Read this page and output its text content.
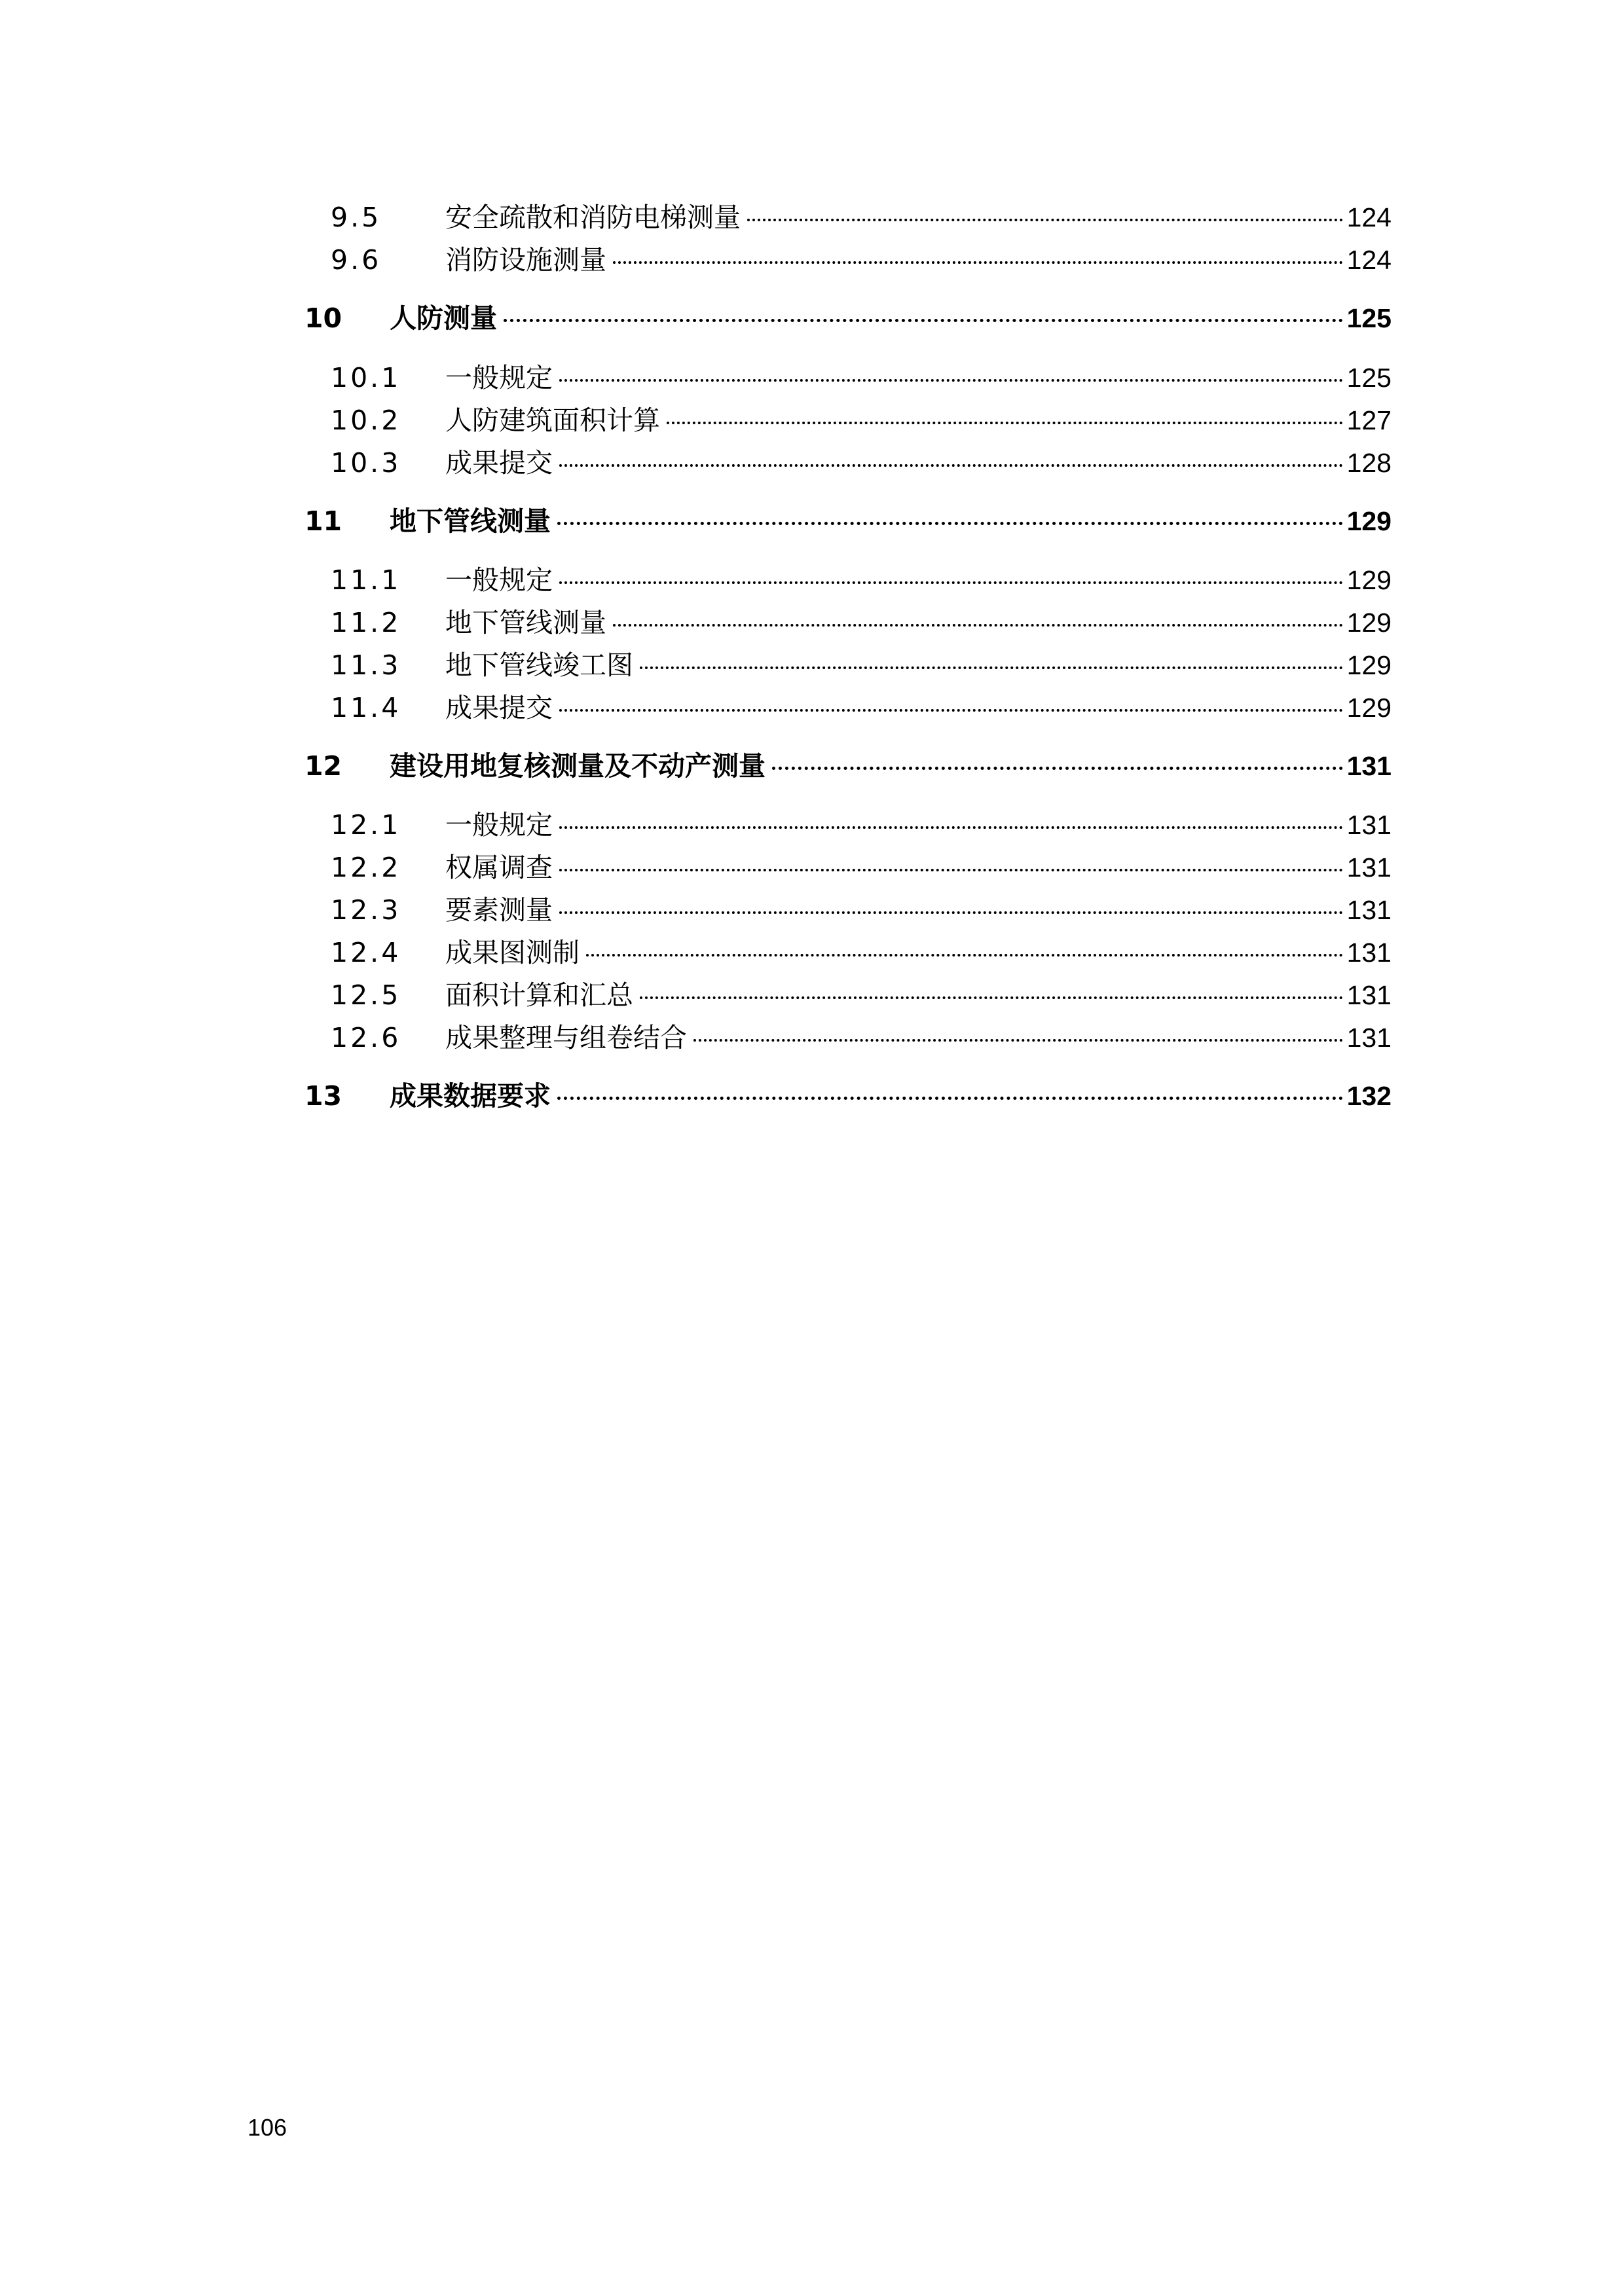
9.5	安全疏散和消防电梯测量	124
9.6	消防设施测量	124
10	人防测量	125
10.1	一般规定	125
10.2	人防建筑面积计算	127
10.3	成果提交	128
11	地下管线测量	129
11.1	一般规定	129
11.2	地下管线测量	129
11.3	地下管线竣工图	129
11.4	成果提交	129
12	建设用地复核测量及不动产测量	131
12.1	一般规定	131
12.2	权属调查	131
12.3	要素测量	131
12.4	成果图测制	131
12.5	面积计算和汇总	131
12.6	成果整理与组卷结合	131
13	成果数据要求	132
106
